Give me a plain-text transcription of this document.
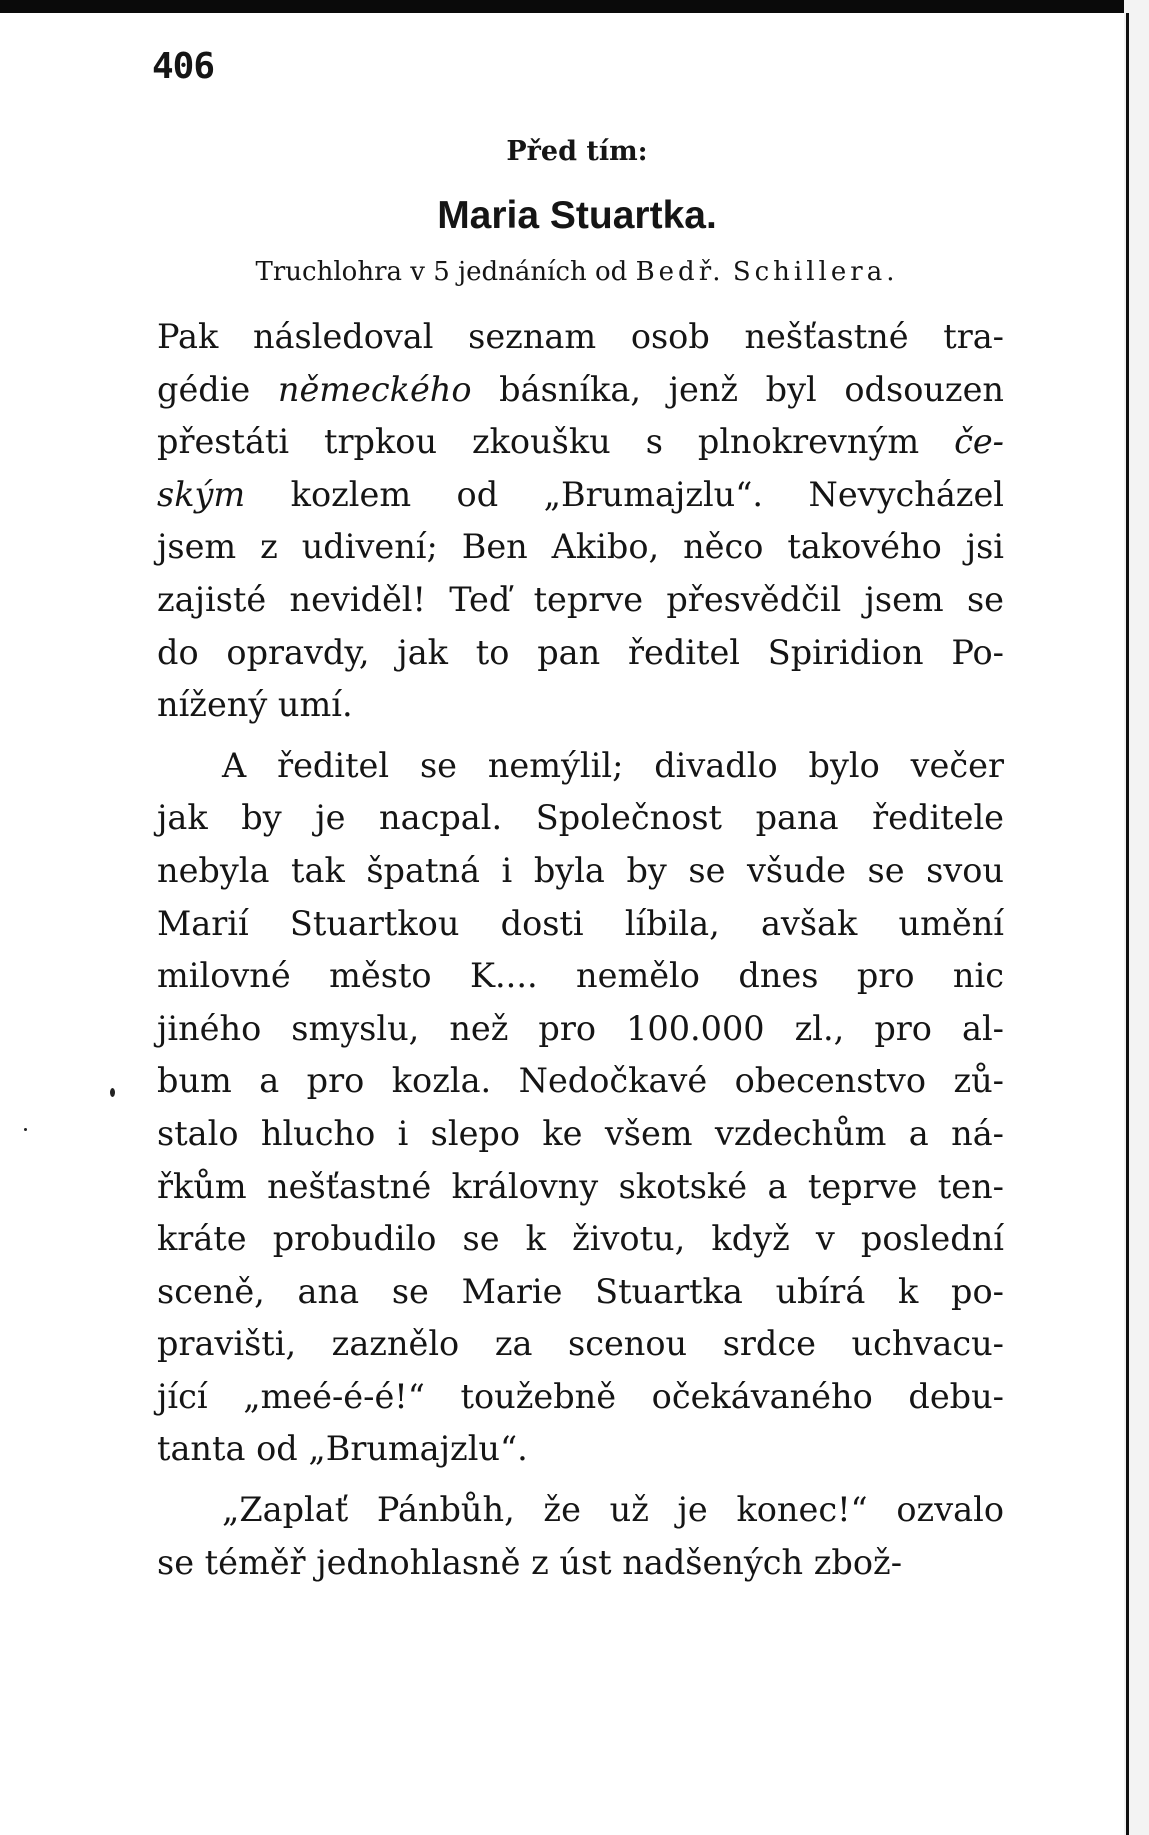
406
Před tím:
Maria Stuartka.
Truchlohra v 5 jednáních od Bedř. Schillera.

Pak následoval seznam osob nešťastné tra-
gédie německého básníka, jenž byl odsouzen
přestáti trpkou zkoušku s plnokrevným če-
ským kozlem od „Brumajzlu“. Nevycházel
jsem z udivení; Ben Akibo, něco takového jsi
zajisté neviděl! Teď teprve přesvědčil jsem se
do opravdy, jak to pan ředitel Spiridion Po-
nížený umí.

A ředitel se nemýlil; divadlo bylo večer
jak by je nacpal. Společnost pana ředitele
nebyla tak špatná i byla by se všude se svou
Marií Stuartkou dosti líbila, avšak umění
milovné město K.... nemělo dnes pro nic
jiného smyslu, než pro 100.000 zl., pro al-
bum a pro kozla. Nedočkavé obecenstvo zů-
stalo hlucho i slepo ke všem vzdechům a ná-
řkům nešťastné královny skotské a teprve ten-
kráte probudilo se k životu, když v poslední
sceně, ana se Marie Stuartka ubírá k po-
pravišti, zaznělo za scenou srdce uchvacu-
jící „meé-é-é!“ toužebně očekávaného debu-
tanta od „Brumajzlu“.

„Zaplať Pánbůh, že už je konec!“ ozvalo
se téměř jednohlasně z úst nadšených zbož-
